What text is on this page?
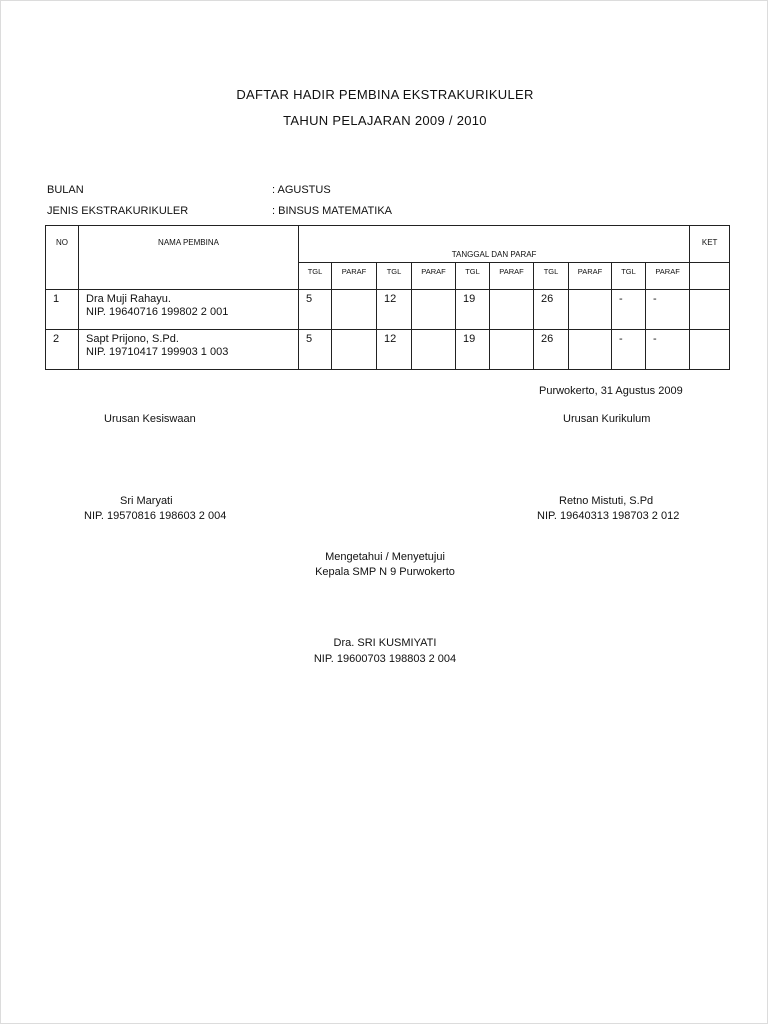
DAFTAR HADIR PEMBINA EKSTRAKURIKULER
TAHUN PELAJARAN 2009 / 2010
BULAN	: AGUSTUS
JENIS EKSTRAKURIKULER	: BINSUS MATEMATIKA
NO	NAMA PEMBINA	TANGGAL DAN PARAF										KET
		TGL	PARAF	TGL	PARAF	TGL	PARAF	TGL	PARAF	TGL	PARAF	
1	Dra Muji Rahayu.
NIP. 19640716 199802 2 001	5		12		19		26		-	-	
2	Sapt Prijono, S.Pd.
NIP. 19710417 199903 1 003	5		12		19		26		-	-	
Purwokerto, 31 Agustus 2009
Urusan Kesiswaan	Urusan Kurikulum
Sri Maryati
NIP. 19570816 198603 2 004
Retno Mistuti, S.Pd
NIP. 19640313 198703 2 012
Mengetahui / Menyetujui
Kepala SMP N 9 Purwokerto
Dra. SRI KUSMIYATI
NIP. 19600703 198803 2 004
